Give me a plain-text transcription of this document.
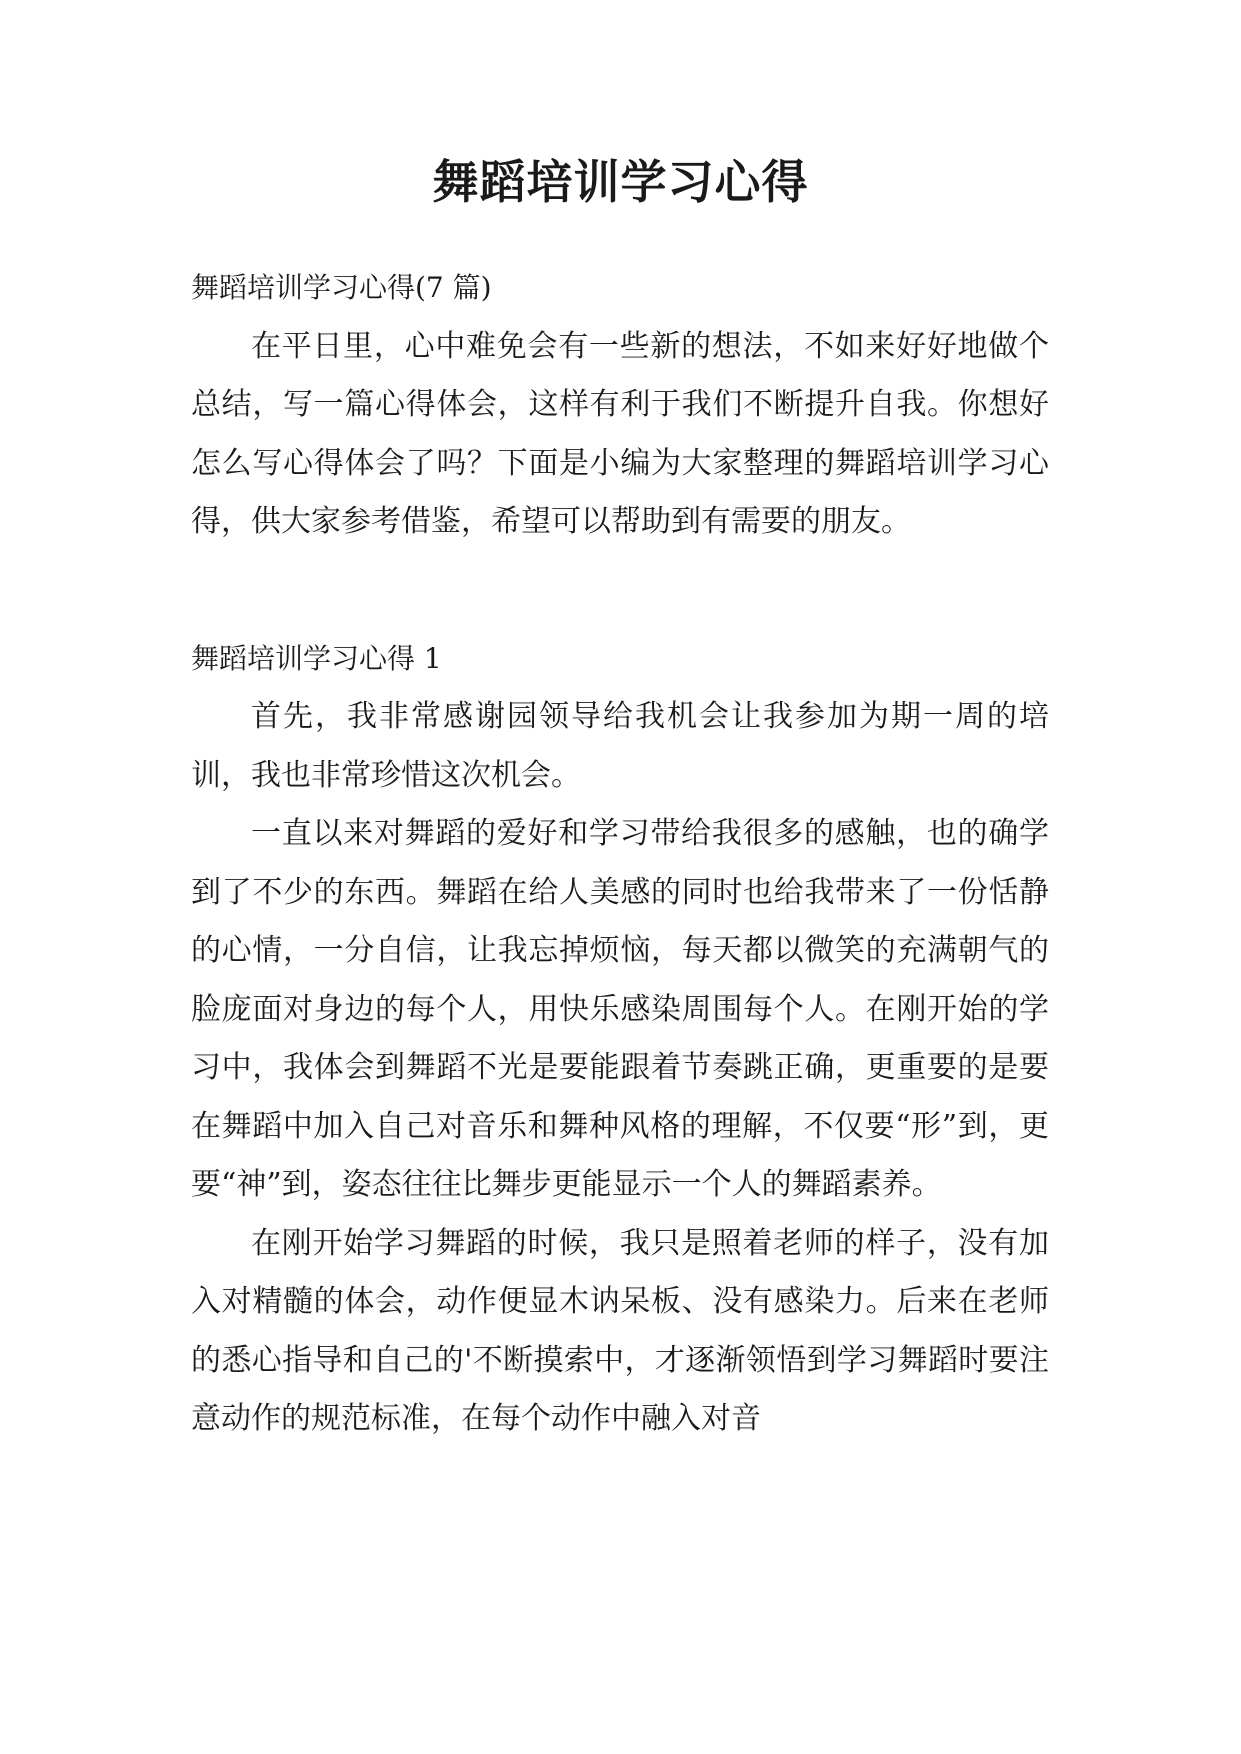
舞蹈培训学习心得

舞蹈培训学习心得(7 篇)

在平日里，心中难免会有一些新的想法，不如来好好地做个总结，写一篇心得体会，这样有利于我们不断提升自我。你想好怎么写心得体会了吗？下面是小编为大家整理的舞蹈培训学习心得，供大家参考借鉴，希望可以帮助到有需要的朋友。

舞蹈培训学习心得 1

首先，我非常感谢园领导给我机会让我参加为期一周的培训，我也非常珍惜这次机会。

一直以来对舞蹈的爱好和学习带给我很多的感触，也的确学到了不少的东西。舞蹈在给人美感的同时也给我带来了一份恬静的心情，一分自信，让我忘掉烦恼，每天都以微笑的充满朝气的脸庞面对身边的每个人，用快乐感染周围每个人。在刚开始的学习中，我体会到舞蹈不光是要能跟着节奏跳正确，更重要的是要在舞蹈中加入自己对音乐和舞种风格的理解，不仅要“形”到，更要“神”到，姿态往往比舞步更能显示一个人的舞蹈素养。

在刚开始学习舞蹈的时候，我只是照着老师的样子，没有加入对精髓的体会，动作便显木讷呆板、没有感染力。后来在老师的悉心指导和自己的'不断摸索中，才逐渐领悟到学习舞蹈时要注意动作的规范标准，在每个动作中融入对音
